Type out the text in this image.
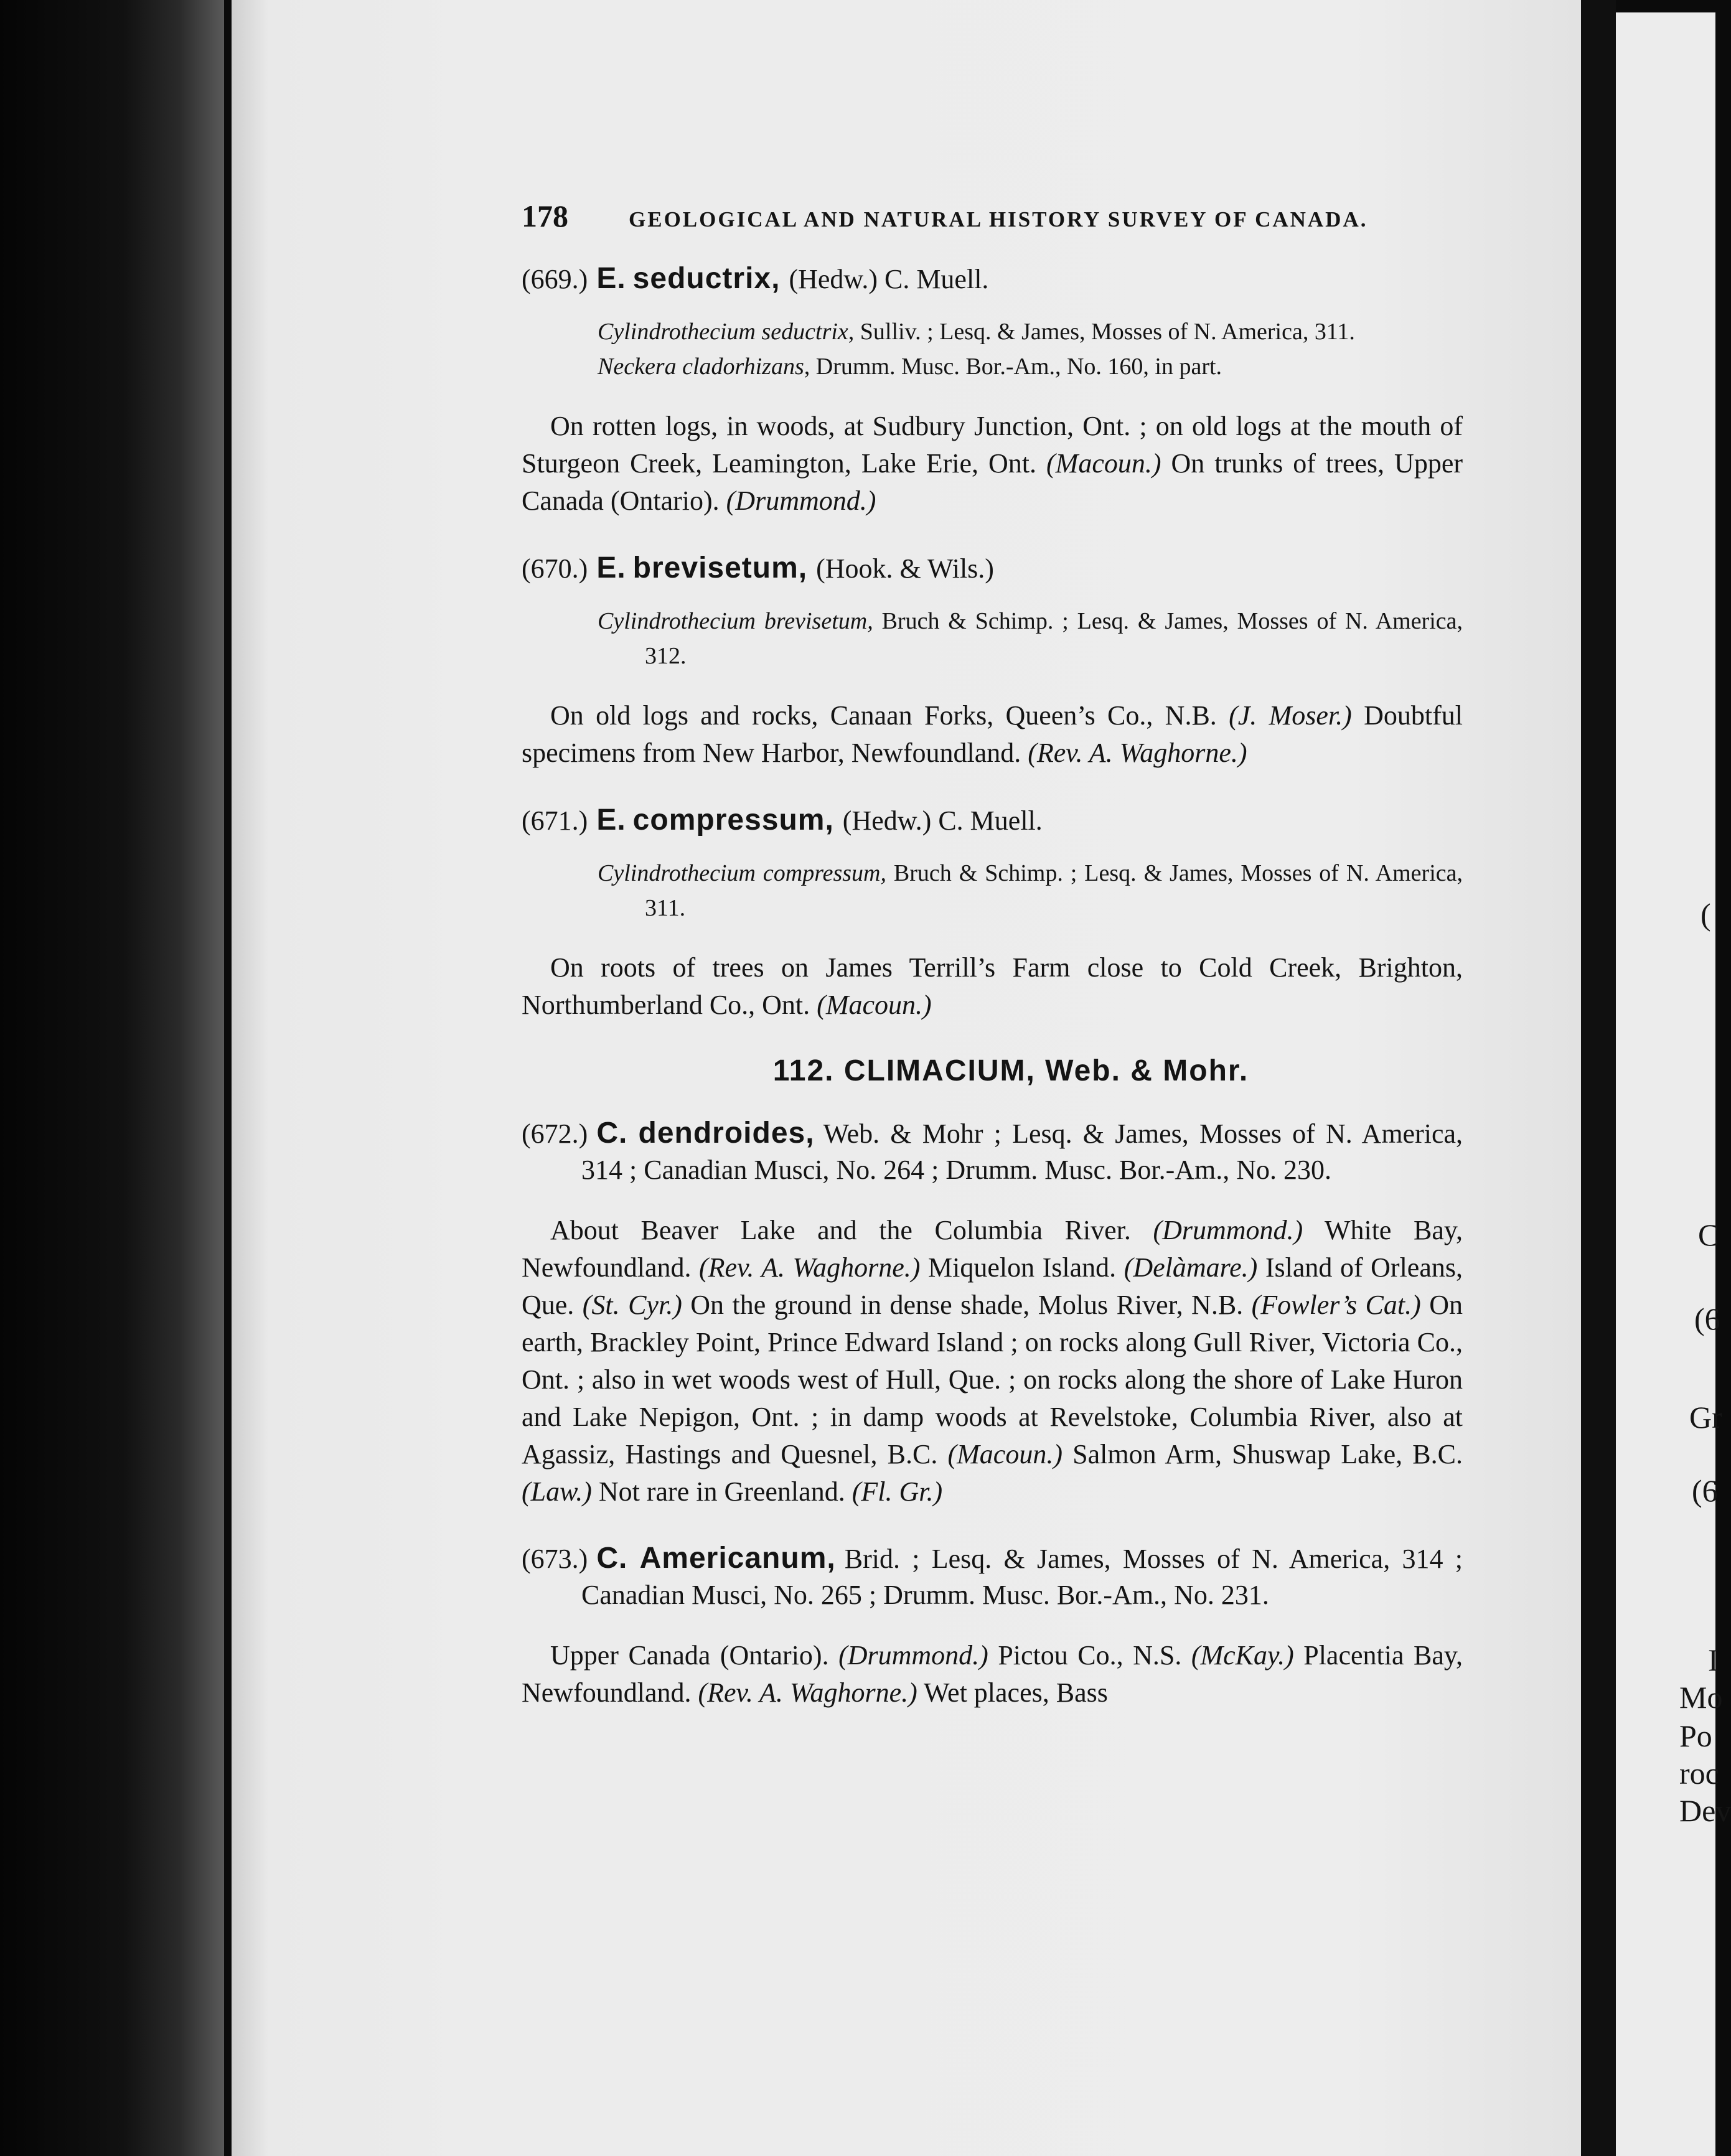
(
C
(6
Gr
(6
I
Mo
Po
roc
Dev
178	GEOLOGICAL AND NATURAL HISTORY SURVEY OF CANADA.
(669.) E. seductrix, (Hedw.) C. Muell.
Cylindrothecium seductrix, Sulliv. ; Lesq. & James, Mosses of N. America, 311.
Neckera cladorhizans, Drumm. Musc. Bor.-Am., No. 160, in part.
On rotten logs, in woods, at Sudbury Junction, Ont. ; on old logs at the mouth of Sturgeon Creek, Leamington, Lake Erie, Ont. (Macoun.) On trunks of trees, Upper Canada (Ontario). (Drummond.)
(670.) E. brevisetum, (Hook. & Wils.)
Cylindrothecium brevisetum, Bruch & Schimp. ; Lesq. & James, Mosses of N. America, 312.
On old logs and rocks, Canaan Forks, Queen’s Co., N.B. (J. Moser.) Doubtful specimens from New Harbor, Newfoundland. (Rev. A. Waghorne.)
(671.) E. compressum, (Hedw.) C. Muell.
Cylindrothecium compressum, Bruch & Schimp. ; Lesq. & James, Mosses of N. America, 311.
On roots of trees on James Terrill’s Farm close to Cold Creek, Brighton, Northumberland Co., Ont. (Macoun.)
112. CLIMACIUM, Web. & Mohr.
(672.) C. dendroides, Web. & Mohr ; Lesq. & James, Mosses of N. America, 314 ; Canadian Musci, No. 264 ; Drumm. Musc. Bor.-Am., No. 230.
About Beaver Lake and the Columbia River. (Drummond.) White Bay, Newfoundland. (Rev. A. Waghorne.) Miquelon Island. (Delàmare.) Island of Orleans, Que. (St. Cyr.) On the ground in dense shade, Molus River, N.B. (Fowler’s Cat.) On earth, Brackley Point, Prince Edward Island ; on rocks along Gull River, Victoria Co., Ont. ; also in wet woods west of Hull, Que. ; on rocks along the shore of Lake Huron and Lake Nepigon, Ont. ; in damp woods at Revelstoke, Columbia River, also at Agassiz, Hastings and Quesnel, B.C. (Macoun.) Salmon Arm, Shuswap Lake, B.C. (Law.) Not rare in Greenland. (Fl. Gr.)
(673.) C. Americanum, Brid. ; Lesq. & James, Mosses of N. America, 314 ; Canadian Musci, No. 265 ; Drumm. Musc. Bor.-Am., No. 231.
Upper Canada (Ontario). (Drummond.) Pictou Co., N.S. (McKay.) Placentia Bay, Newfoundland. (Rev. A. Waghorne.) Wet places, Bass
